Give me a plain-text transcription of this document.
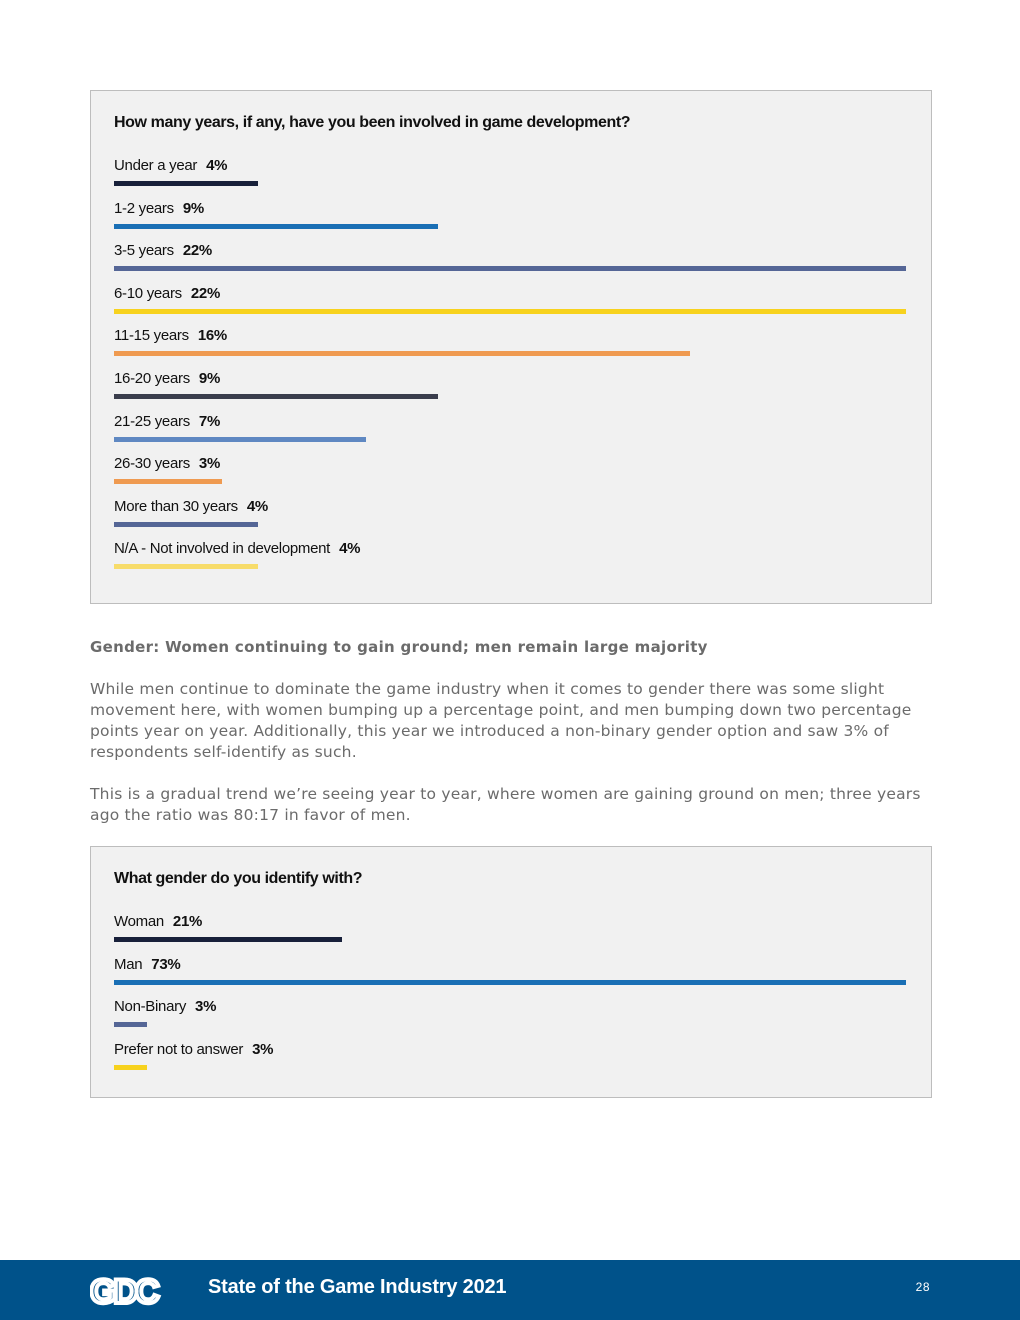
How many years, if any, have you been involved in game development?
Under a year 4%
1-2 years 9%
3-5 years 22%
6-10 years 22%
11-15 years 16%
16-20 years 9%
21-25 years 7%
26-30 years 3%
More than 30 years 4%
N/A - Not involved in development 4%
Gender: Women continuing to gain ground; men remain large majority

While men continue to dominate the game industry when it comes to gender there was some slight movement here, with women bumping up a percentage point, and men bumping down two percentage points year on year. Additionally, this year we introduced a non-binary gender option and saw 3% of respondents self-identify as such.

This is a gradual trend we’re seeing year to year, where women are gaining ground on men; three years ago the ratio was 80:17 in favor of men.

What gender do you identify with?
Woman 21%
Man 73%
Non-Binary 3%
Prefer not to answer 3%
GDC	State of the Game Industry 2021	28
